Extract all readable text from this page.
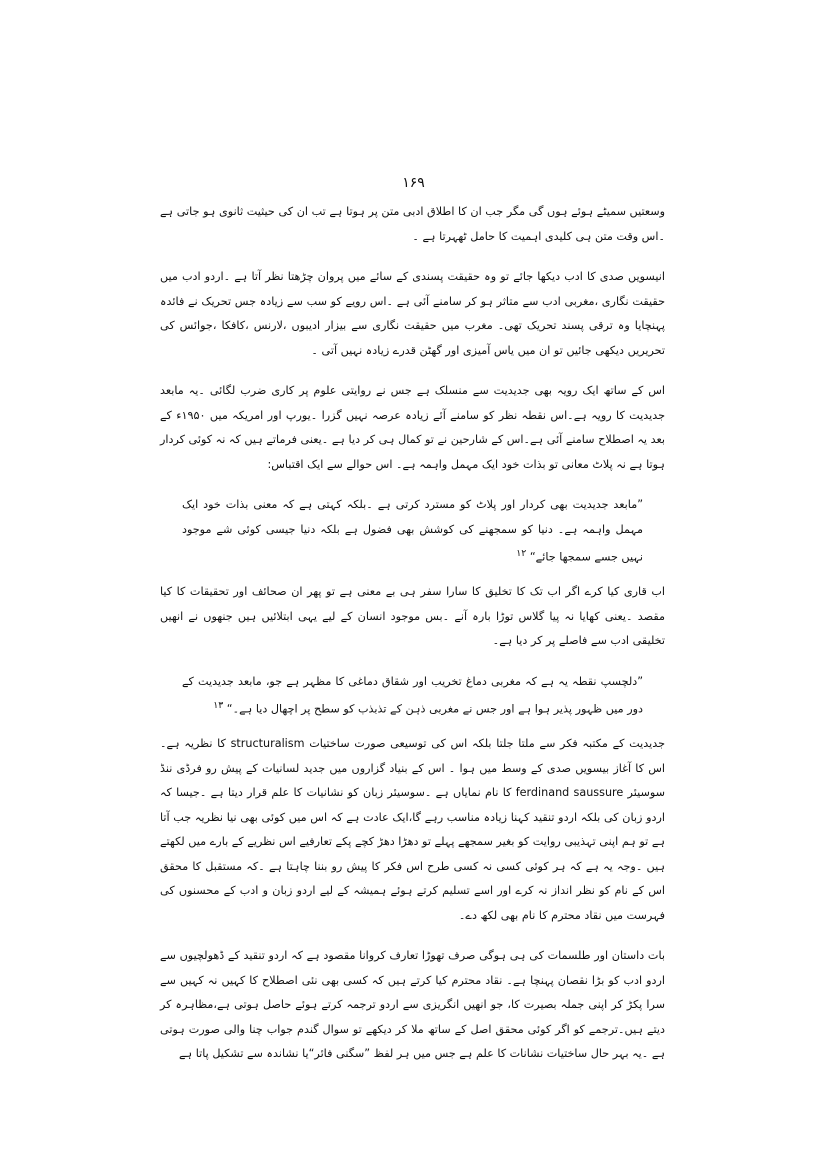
۱۶۹

وسعتیں سمیٹے ہوئے ہوں گی مگر جب ان کا اطلاق ادبی متن پر ہوتا ہے تب ان کی حیثیت ثانوی ہو جاتی ہے ۔اس وقت متن ہی کلیدی اہمیت کا حامل ٹھہرتا ہے ۔

انیسویں صدی کا ادب دیکھا جائے تو وہ حقیقت پسندی کے سائے میں پروان چڑھتا نظر آتا ہے ۔اردو ادب میں حقیقت نگاری ،مغربی ادب سے متاثر ہو کر سامنے آئی ہے ۔اس رویے کو سب سے زیادہ جس تحریک نے فائدہ پہنچایا وہ ترقی پسند تحریک تھی۔ مغرب میں حقیقت نگاری سے بیزار ادیبوں ،لارنس ،کافکا ،جوائس کی تحریریں دیکھی جائیں تو ان میں یاس آمیزی اور گھٹن قدرے زیادہ نہیں آتی ۔

اس کے ساتھ ایک رویہ بھی جدیدیت سے منسلک ہے جس نے روایتی علوم پر کاری ضرب لگائی ۔یہ مابعد جدیدیت کا رویہ ہے۔اس نقطہ نظر کو سامنے آئے زیادہ عرصہ نہیں گزرا ۔یورپ اور امریکہ میں ۱۹۵۰ء کے بعد یہ اصطلاح سامنے آئی ہے۔اس کے شارحین نے تو کمال ہی کر دیا ہے ۔یعنی فرماتے ہیں کہ نہ کوئی کردار ہوتا ہے نہ پلاٹ معانی تو بذات خود ایک مہمل واہمہ ہے۔ اس حوالے سے ایک اقتباس:

”مابعد جدیدیت بھی کردار اور پلاٹ کو مسترد کرتی ہے ۔بلکہ کہتی ہے کہ معنی بذات خود ایک مہمل واہمہ ہے۔ دنیا کو سمجھنے کی کوشش بھی فضول ہے بلکہ دنیا جیسی کوئی شے موجود نہیں جسے سمجھا جائے“ $^{۱۲}$

اب قاری کیا کرے اگر اب تک کا تخلیق کا سارا سفر ہی بے معنی ہے تو پھر ان صحائف اور تحقیقات کا کیا مقصد ۔یعنی کھایا نہ پیا گلاس توڑا بارہ آنے ۔بس موجود انسان کے لیے یہی ابتلائیں ہیں جنھوں نے انھیں تخلیقی ادب سے فاصلے پر کر دیا ہے۔

”دلچسپ نقطہ یہ ہے کہ مغربی دماغ تخریب اور شقاق دماغی کا مظہر ہے جو، مابعد جدیدیت کے دور میں ظہور پذیر ہوا ہے اور جس نے مغربی ذہن کے تذبذب کو سطح پر اچھال دیا ہے۔“ $^{۱۳}$

جدیدیت کے مکتبہ فکر سے ملتا جلتا بلکہ اس کی توسیعی صورت ساختیات structuralism کا نظریہ ہے۔ اس کا آغاز بیسویں صدی کے وسط میں ہوا ۔ اس کے بنیاد گزاروں میں جدید لسانیات کے پیش رو فرڈی ننڈ سوسیئر ferdinand saussure کا نام نمایاں ہے ۔سوسیئر زبان کو نشانیات کا علم قرار دیتا ہے ۔جیسا کہ اردو زبان کی بلکہ اردو تنقید کہنا زیادہ مناسب رہے گا،ایک عادت ہے کہ اس میں کوئی بھی نیا نظریہ جب آتا ہے تو ہم اپنی تہذیبی روایت کو بغیر سمجھے پہلے تو دھڑا دھڑ کچے پکے تعارفیے اس نظریے کے بارے میں لکھتے ہیں ۔وجہ یہ ہے کہ ہر کوئی کسی نہ کسی طرح اس فکر کا پیش رو بننا چاہتا ہے ۔کہ مستقبل کا محقق اس کے نام کو نظر انداز نہ کرے اور اسے تسلیم کرتے ہوئے ہمیشہ کے لیے اردو زبان و ادب کے محسنوں کی فہرست میں نقاد محترم کا نام بھی لکھ دے۔

بات داستان اور طلسمات کی ہی ہوگی صرف تھوڑا تعارف کروانا مقصود ہے کہ اردو تنقید کے ڈھولچیوں سے اردو ادب کو بڑا نقصان پہنچا ہے۔ نقاد محترم کیا کرتے ہیں کہ کسی بھی نئی اصطلاح کا کہیں نہ کہیں سے سرا پکڑ کر اپنی جملہ بصیرت کا، جو انھیں انگریزی سے اردو ترجمہ کرتے ہوئے حاصل ہوتی ہے،مظاہرہ کر دیتے ہیں۔ترجمے کو اگر کوئی محقق اصل کے ساتھ ملا کر دیکھے تو سوال گندم جواب چنا والی صورت ہوتی ہے ۔یہ بہر حال ساختیات نشانات کا علم ہے جس میں ہر لفظ ”سگنی فائر“یا نشاندہ سے تشکیل پاتا ہے
